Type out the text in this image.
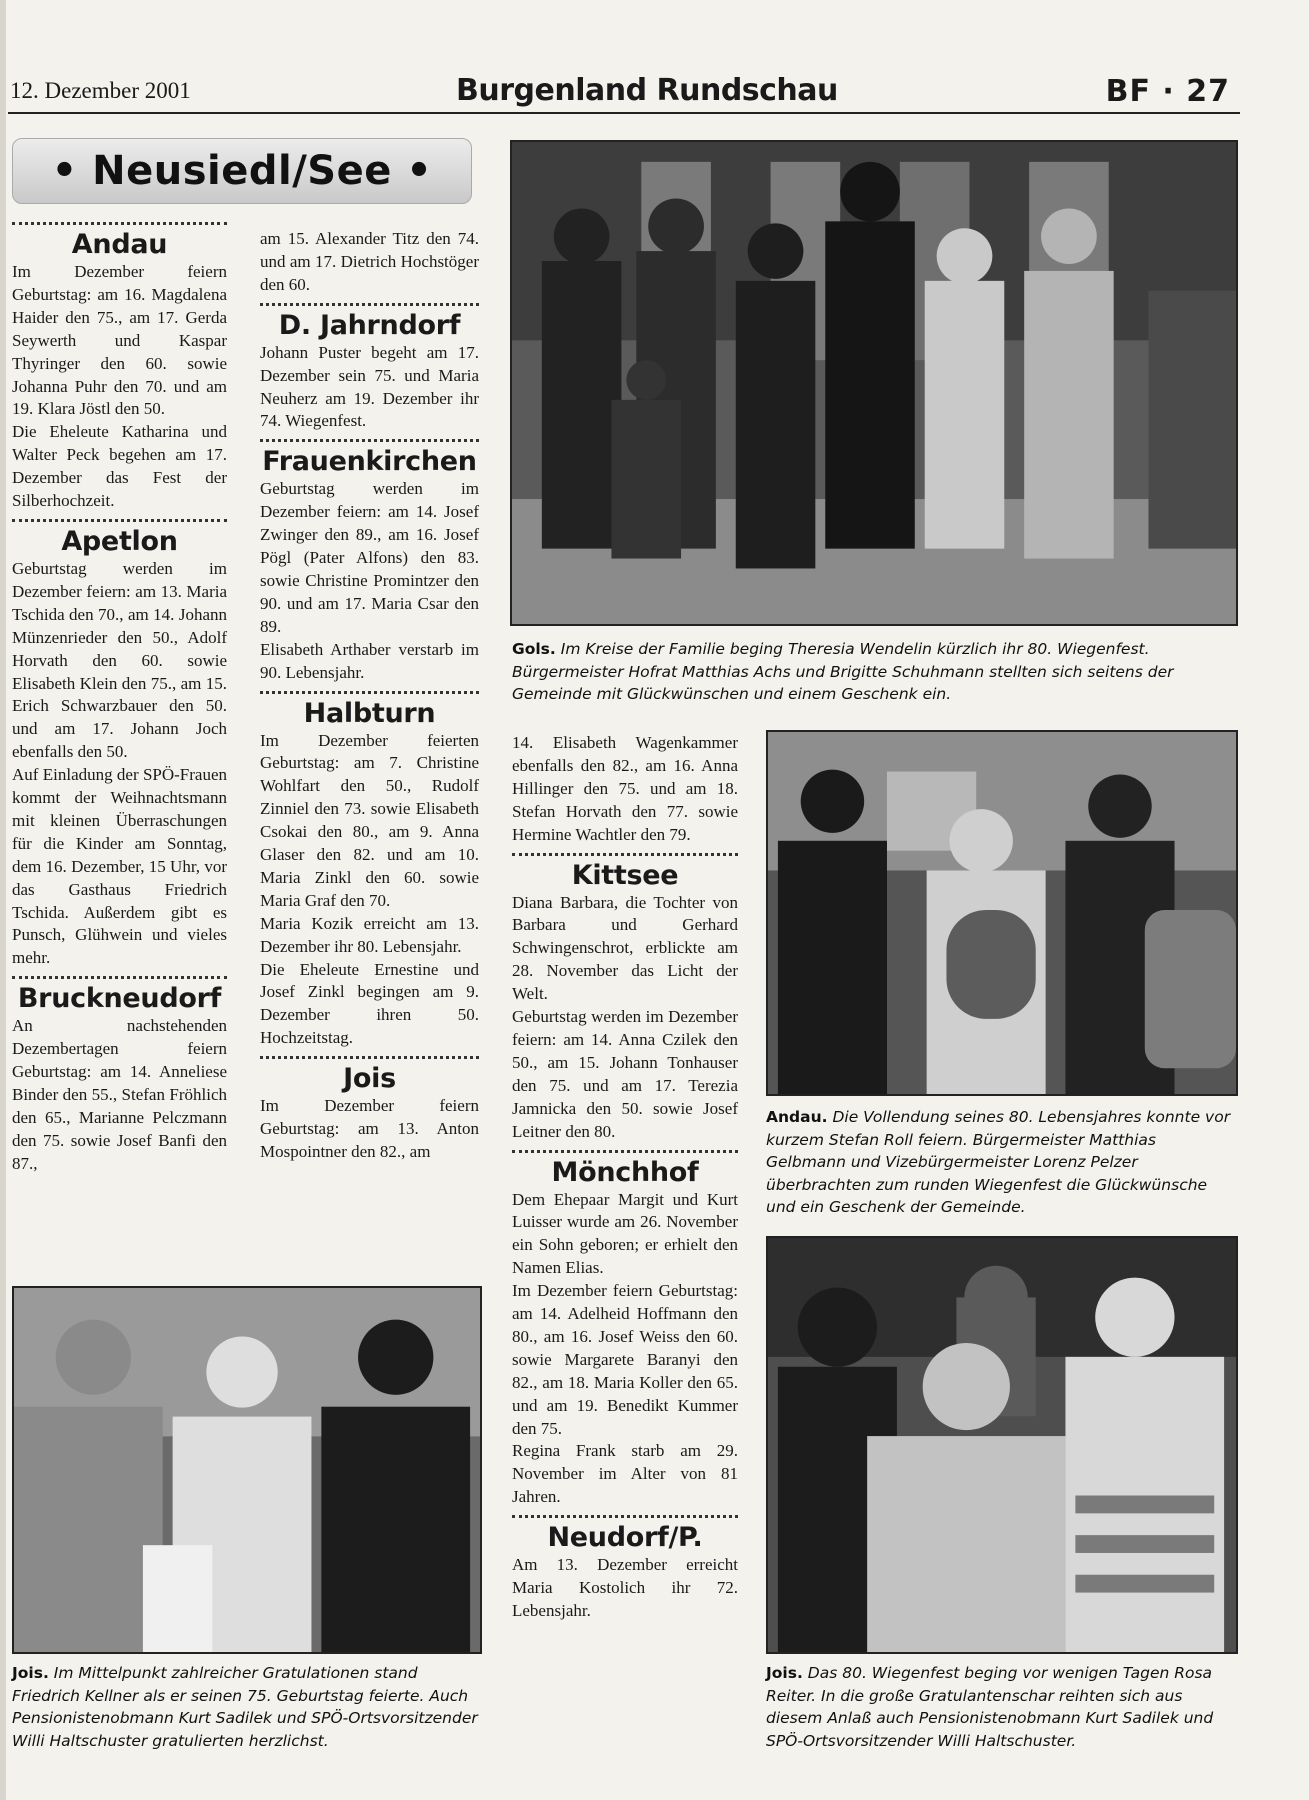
12. Dezember 2001	Burgenland Rundschau	BF · 27
• Neusiedl/See •
Andau

Im Dezember feiern Geburtstag: am 16. Magdalena Haider den 75., am 17. Gerda Seywerth und Kaspar Thyringer den 60. sowie Johanna Puhr den 70. und am 19. Klara Jöstl den 50.

Die Eheleute Katharina und Walter Peck begehen am 17. Dezember das Fest der Silberhochzeit.

Apetlon

Geburtstag werden im Dezember feiern: am 13. Maria Tschida den 70., am 14. Johann Münzenrieder den 50., Adolf Horvath den 60. sowie Elisabeth Klein den 75., am 15. Erich Schwarzbauer den 50. und am 17. Johann Joch ebenfalls den 50.

Auf Einladung der SPÖ-Frauen kommt der Weihnachtsmann mit kleinen Überraschungen für die Kinder am Sonntag, dem 16. Dezember, 15 Uhr, vor das Gasthaus Friedrich Tschida. Außerdem gibt es Punsch, Glühwein und vieles mehr.

Bruckneudorf

An nachstehenden Dezembertagen feiern Geburtstag: am 14. Anneliese Binder den 55., Stefan Fröhlich den 65., Marianne Pelczmann den 75. sowie Josef Banfi den 87.,

am 15. Alexander Titz den 74. und am 17. Dietrich Hochstöger den 60.

D. Jahrndorf

Johann Puster begeht am 17. Dezember sein 75. und Maria Neuherz am 19. Dezember ihr 74. Wiegenfest.

Frauenkirchen

Geburtstag werden im Dezember feiern: am 14. Josef Zwinger den 89., am 16. Josef Pögl (Pater Alfons) den 83. sowie Christine Promintzer den 90. und am 17. Maria Csar den 89.

Elisabeth Arthaber verstarb im 90. Lebensjahr.

Halbturn

Im Dezember feierten Geburtstag: am 7. Christine Wohlfart den 50., Rudolf Zinniel den 73. sowie Elisabeth Csokai den 80., am 9. Anna Glaser den 82. und am 10. Maria Zinkl den 60. sowie Maria Graf den 70.

Maria Kozik erreicht am 13. Dezember ihr 80. Lebensjahr.

Die Eheleute Ernestine und Josef Zinkl begingen am 9. Dezember ihren 50. Hochzeitstag.

Jois

Im Dezember feiern Geburtstag: am 13. Anton Mospointner den 82., am

14. Elisabeth Wagenkammer ebenfalls den 82., am 16. Anna Hillinger den 75. und am 18. Stefan Horvath den 77. sowie Hermine Wachtler den 79.

Kittsee

Diana Barbara, die Tochter von Barbara und Gerhard Schwingenschrot, erblickte am 28. November das Licht der Welt.

Geburtstag werden im Dezember feiern: am 14. Anna Czilek den 50., am 15. Johann Tonhauser den 75. und am 17. Terezia Jamnicka den 50. sowie Josef Leitner den 80.

Mönchhof

Dem Ehepaar Margit und Kurt Luisser wurde am 26. November ein Sohn geboren; er erhielt den Namen Elias.

Im Dezember feiern Geburtstag: am 14. Adelheid Hoffmann den 80., am 16. Josef Weiss den 60. sowie Margarete Baranyi den 82., am 18. Maria Koller den 65. und am 19. Benedikt Kummer den 75.

Regina Frank starb am 29. November im Alter von 81 Jahren.

Neudorf/P.

Am 13. Dezember erreicht Maria Kostolich ihr 72. Lebensjahr.

Gols. Im Kreise der Familie beging Theresia Wendelin kürzlich ihr 80. Wiegenfest. Bürgermeister Hofrat Matthias Achs und Brigitte Schuhmann stellten sich seitens der Gemeinde mit Glückwünschen und einem Geschenk ein.
Andau. Die Vollendung seines 80. Lebensjahres konnte vor kurzem Stefan Roll feiern. Bürgermeister Matthias Gelbmann und Vizebürgermeister Lorenz Pelzer überbrachten zum runden Wiegenfest die Glückwünsche und ein Geschenk der Gemeinde.
Jois. Im Mittelpunkt zahlreicher Gratulationen stand Friedrich Kellner als er seinen 75. Geburtstag feierte. Auch Pensionistenobmann Kurt Sadilek und SPÖ-Ortsvorsitzender Willi Haltschuster gratulierten herzlichst.
Jois. Das 80. Wiegenfest beging vor wenigen Tagen Rosa Reiter. In die große Gratulantenschar reihten sich aus diesem Anlaß auch Pensionistenobmann Kurt Sadilek und SPÖ-Ortsvorsitzender Willi Haltschuster.
